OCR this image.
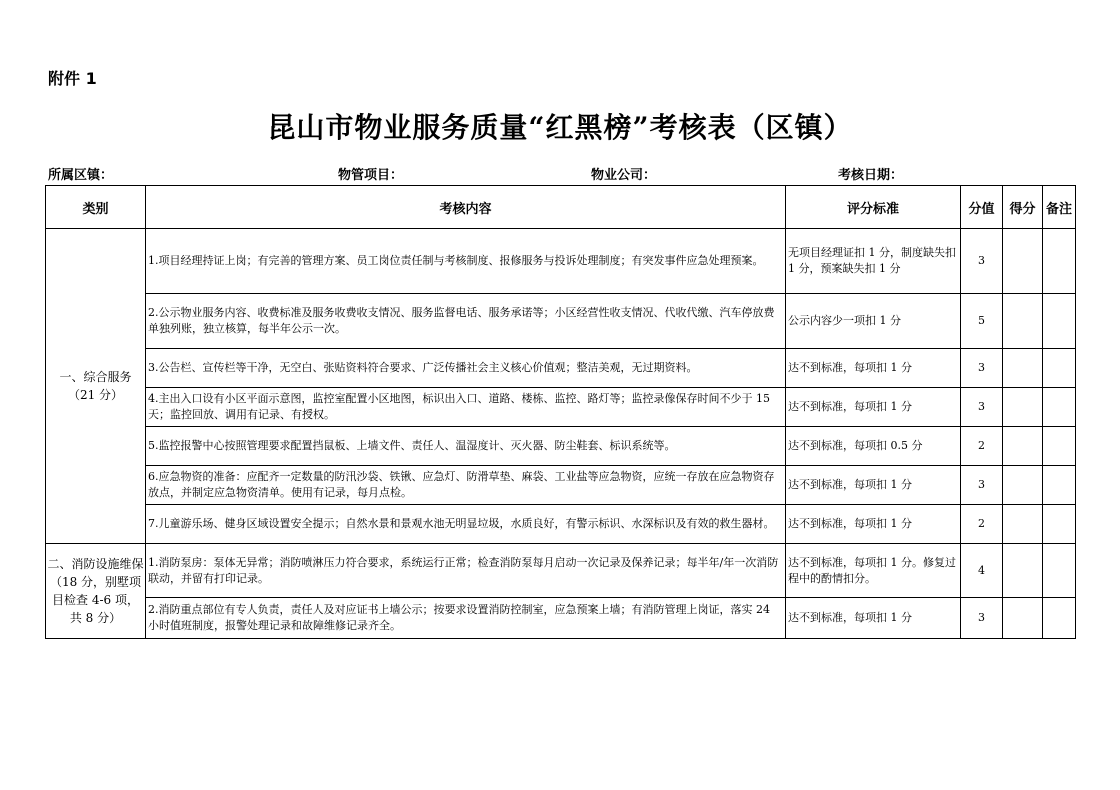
附件 1
昆山市物业服务质量“红黑榜”考核表（区镇）
所属区镇：	物管项目：	物业公司：	考核日期：
类别	考核内容	评分标准	分值	得分	备注
一、综合服务（21 分）	1.项目经理持证上岗；有完善的管理方案、员工岗位责任制与考核制度、报修服务与投诉处理制度；有突发事件应急处理预案。	无项目经理证扣 1 分，制度缺失扣 1 分，预案缺失扣 1 分	3		
	2.公示物业服务内容、收费标准及服务收费收支情况、服务监督电话、服务承诺等；小区经营性收支情况、代收代缴、汽车停放费单独列账，独立核算，每半年公示一次。	公示内容少一项扣 1 分	5		
	3.公告栏、宣传栏等干净，无空白、张贴资料符合要求、广泛传播社会主义核心价值观；整洁美观，无过期资料。	达不到标准，每项扣 1 分	3		
	4.主出入口设有小区平面示意图，监控室配置小区地图，标识出入口、道路、楼栋、监控、路灯等；监控录像保存时间不少于 15 天；监控回放、调用有记录、有授权。	达不到标准，每项扣 1 分	3		
	5.监控报警中心按照管理要求配置挡鼠板、上墙文件、责任人、温湿度计、灭火器、防尘鞋套、标识系统等。	达不到标准，每项扣 0.5 分	2		
	6.应急物资的准备：应配齐一定数量的防汛沙袋、铁锹、应急灯、防滑草垫、麻袋、工业盐等应急物资，应统一存放在应急物资存放点，并制定应急物资清单。使用有记录，每月点检。	达不到标准，每项扣 1 分	3		
	7.儿童游乐场、健身区域设置安全提示；自然水景和景观水池无明显垃圾，水质良好，有警示标识、水深标识及有效的救生器材。	达不到标准，每项扣 1 分	2		
二、消防设施维保（18 分，别墅项目检查 4-6 项，共 8 分）	1.消防泵房：泵体无异常；消防喷淋压力符合要求，系统运行正常；检查消防泵每月启动一次记录及保养记录；每半年/年一次消防联动，并留有打印记录。	达不到标准，每项扣 1 分。修复过程中的酌情扣分。	4		
	2.消防重点部位有专人负责，责任人及对应证书上墙公示；按要求设置消防控制室，应急预案上墙；有消防管理上岗证，落实 24 小时值班制度，报警处理记录和故障维修记录齐全。	达不到标准，每项扣 1 分	3		
